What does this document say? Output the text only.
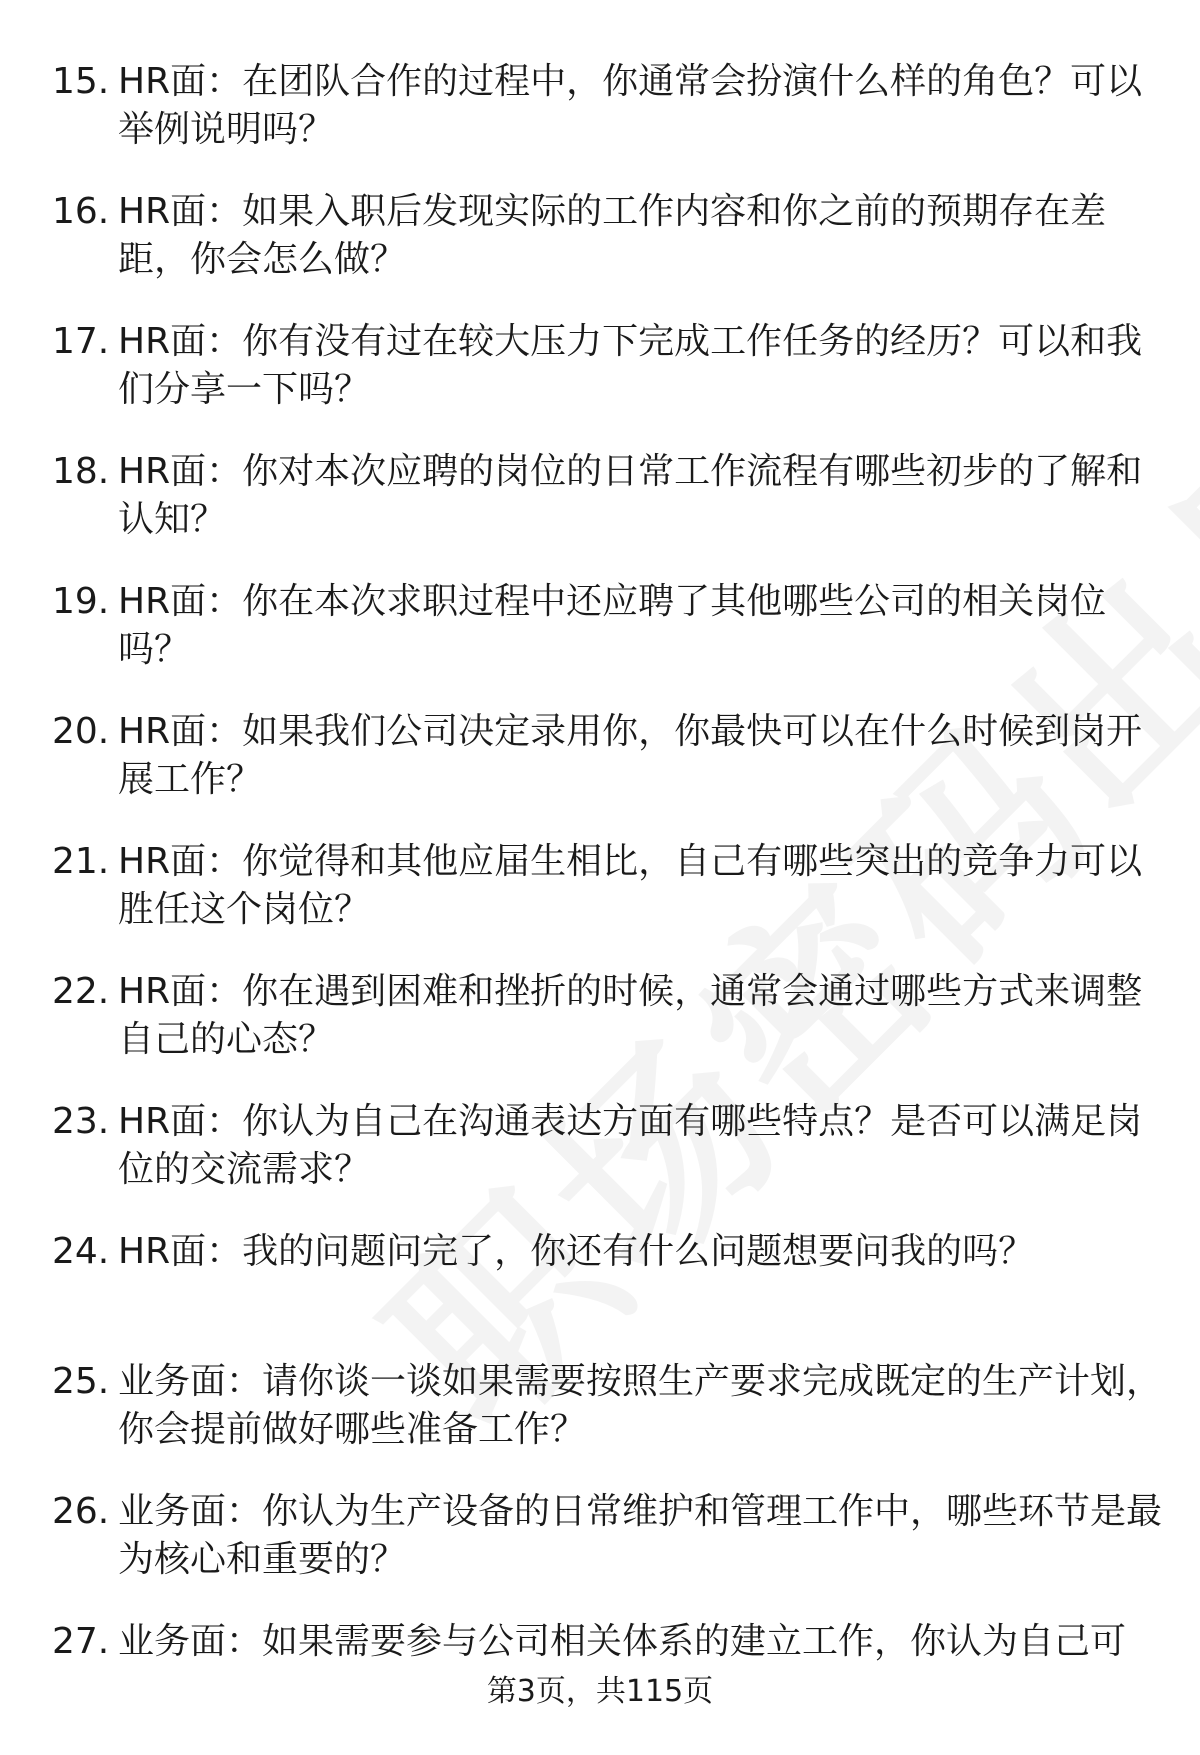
15. HR面：在团队合作的过程中，你通常会扮演什么样的角色？可以举例说明吗？
16. HR面：如果入职后发现实际的工作内容和你之前的预期存在差距，你会怎么做？
17. HR面：你有没有过在较大压力下完成工作任务的经历？可以和我们分享一下吗？
18. HR面：你对本次应聘的岗位的日常工作流程有哪些初步的了解和认知？
19. HR面：你在本次求职过程中还应聘了其他哪些公司的相关岗位吗？
20. HR面：如果我们公司决定录用你，你最快可以在什么时候到岗开展工作？
21. HR面：你觉得和其他应届生相比，自己有哪些突出的竞争力可以胜任这个岗位？
22. HR面：你在遇到困难和挫折的时候，通常会通过哪些方式来调整自己的心态？
23. HR面：你认为自己在沟通表达方面有哪些特点？是否可以满足岗位的交流需求？
24. HR面：我的问题问完了，你还有什么问题想要问我的吗？
25. 业务面：请你谈一谈如果需要按照生产要求完成既定的生产计划，你会提前做好哪些准备工作？
26. 业务面：你认为生产设备的日常维护和管理工作中，哪些环节是最为核心和重要的？
27. 业务面：如果需要参与公司相关体系的建立工作，你认为自己可
第3页，共115页
